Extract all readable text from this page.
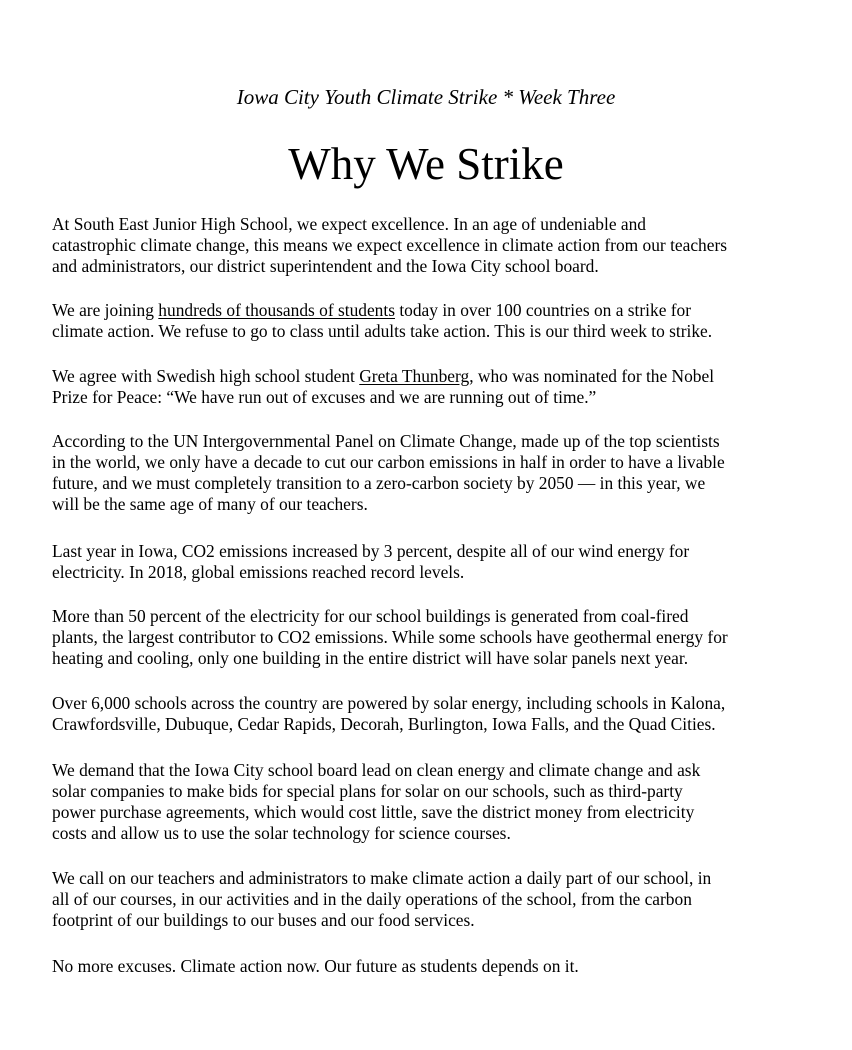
Iowa City Youth Climate Strike * Week Three
Why We Strike

At South East Junior High School, we expect excellence. In an age of undeniable and
catastrophic climate change, this means we expect excellence in climate action from our teachers
and administrators, our district superintendent and the Iowa City school board.

We are joining hundreds of thousands of students today in over 100 countries on a strike for
climate action. We refuse to go to class until adults take action. This is our third week to strike.

We agree with Swedish high school student Greta Thunberg, who was nominated for the Nobel
Prize for Peace: “We have run out of excuses and we are running out of time.”

According to the UN Intergovernmental Panel on Climate Change, made up of the top scientists
in the world, we only have a decade to cut our carbon emissions in half in order to have a livable
future, and we must completely transition to a zero-carbon society by 2050 — in this year, we
will be the same age of many of our teachers.

Last year in Iowa, CO2 emissions increased by 3 percent, despite all of our wind energy for
electricity. In 2018, global emissions reached record levels.

More than 50 percent of the electricity for our school buildings is generated from coal-fired
plants, the largest contributor to CO2 emissions. While some schools have geothermal energy for
heating and cooling, only one building in the entire district will have solar panels next year.

Over 6,000 schools across the country are powered by solar energy, including schools in Kalona,
Crawfordsville, Dubuque, Cedar Rapids, Decorah, Burlington, Iowa Falls, and the Quad Cities.

We demand that the Iowa City school board lead on clean energy and climate change and ask
solar companies to make bids for special plans for solar on our schools, such as third-party
power purchase agreements, which would cost little, save the district money from electricity
costs and allow us to use the solar technology for science courses.

We call on our teachers and administrators to make climate action a daily part of our school, in
all of our courses, in our activities and in the daily operations of the school, from the carbon
footprint of our buildings to our buses and our food services.

No more excuses. Climate action now. Our future as students depends on it.
